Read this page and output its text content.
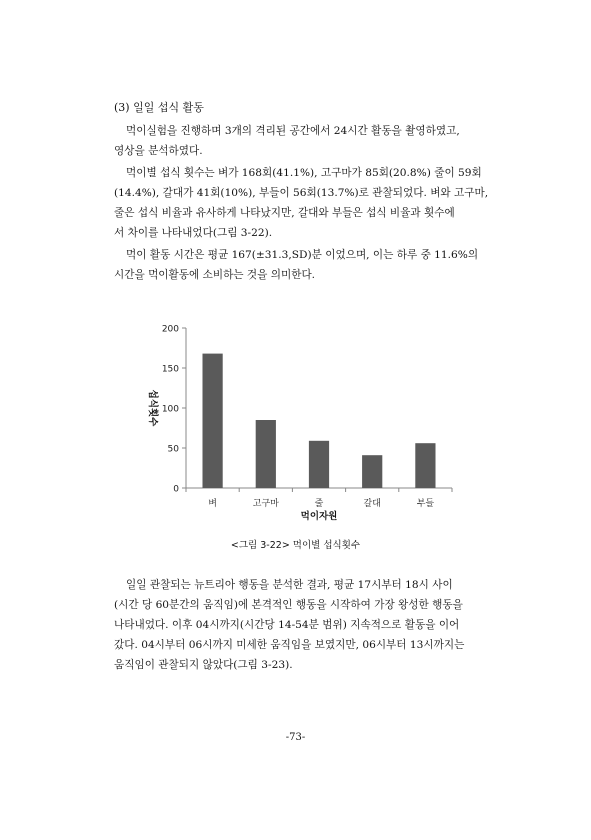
(3) 일일 섭식 활동

먹이실험을 진행하며 3개의 격리된 공간에서 24시간 활동을 촬영하였고,
영상을 분석하였다.

먹이별 섭식 횟수는 벼가 168회(41.1%), 고구마가 85회(20.8%) 줄이 59회
(14.4%), 갈대가 41회(10%), 부들이 56회(13.7%)로 관찰되었다. 벼와 고구마,
줄은 섭식 비율과 유사하게 나타났지만, 갈대와 부들은 섭식 비율과 횟수에
서 차이를 나타내었다(그림 3-22).

먹이 활동 시간은 평균 167(±31.3,SD)분 이었으며, 이는 하루 중 11.6%의
시간을 먹이활동에 소비하는 것을 의미한다.

0
50
100
150
200
벼	고구마	줄	갈대	부들
먹이자원
섭식횟수
<그림 3-22> 먹이별 섭식횟수

일일 관찰되는 뉴트리아 행동을 분석한 결과, 평균 17시부터 18시 사이
(시간 당 60분간의 움직임)에 본격적인 행동을 시작하여 가장 왕성한 행동을
나타내었다. 이후 04시까지(시간당 14-54분 범위) 지속적으로 활동을 이어
갔다. 04시부터 06시까지 미세한 움직임을 보였지만, 06시부터 13시까지는
움직임이 관찰되지 않았다(그림 3-23).

-73-
